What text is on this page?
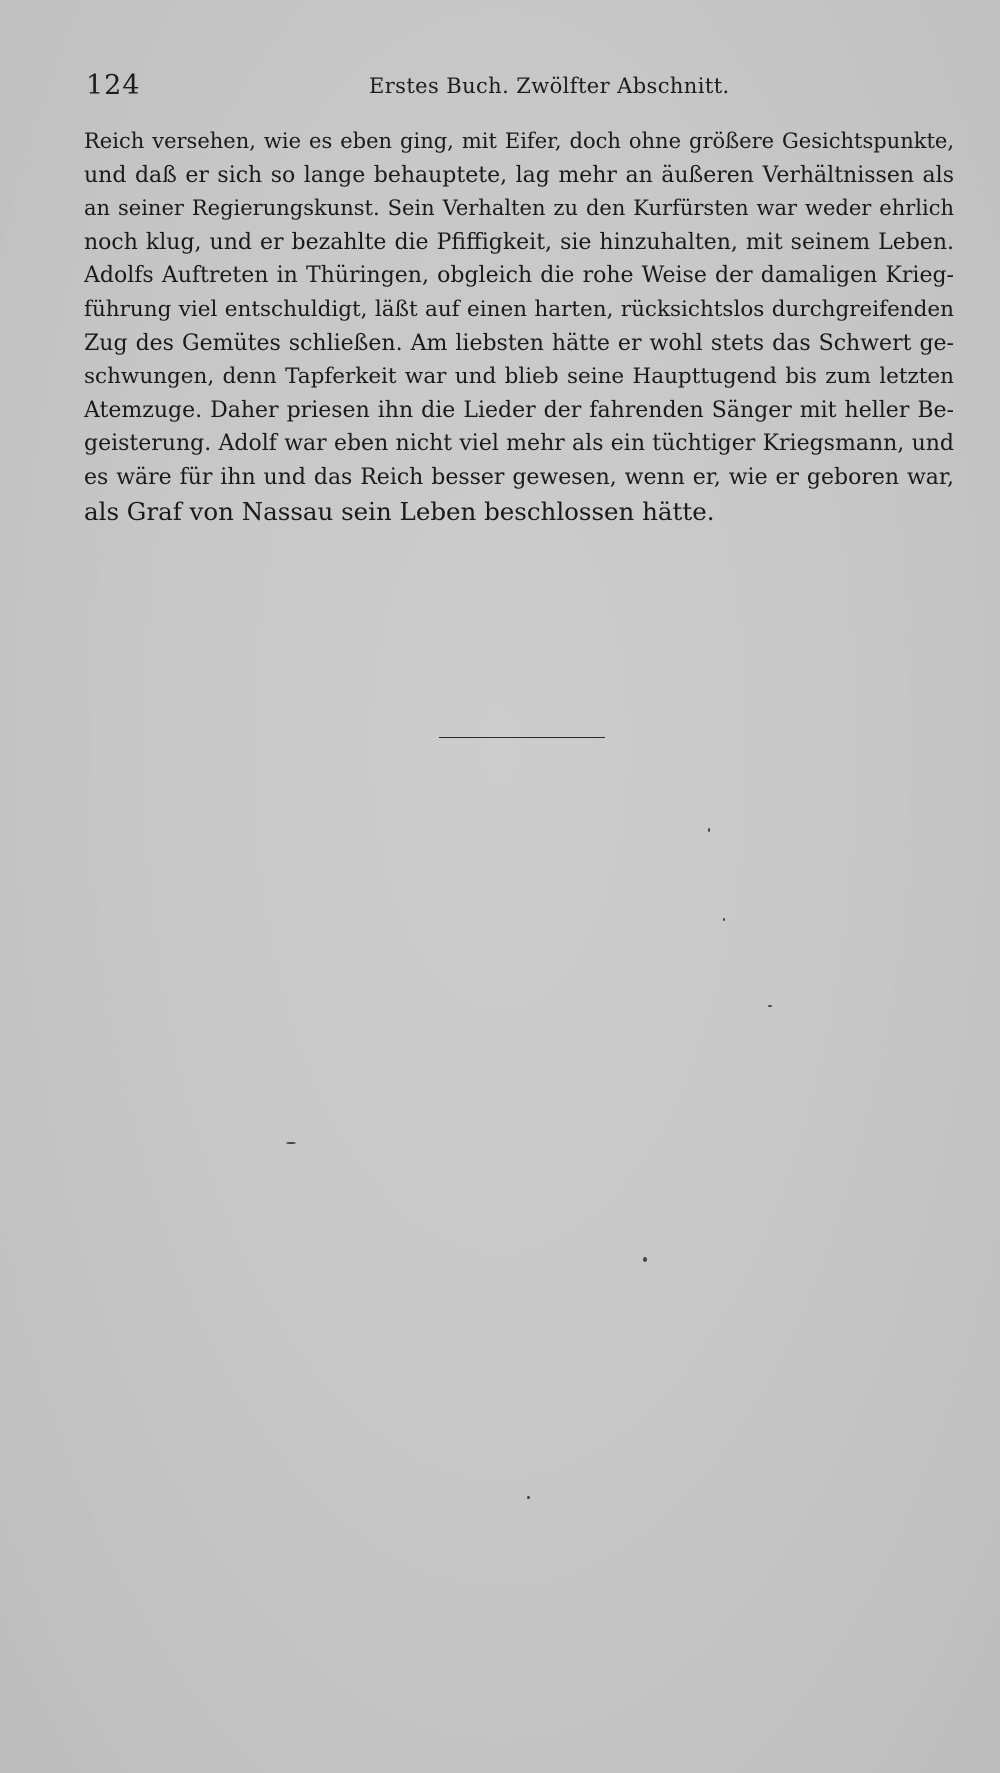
124	Erstes Buch. Zwölfter Abschnitt.
Reich versehen, wie es eben ging, mit Eifer, doch ohne größere Gesichtspunkte,
und daß er sich so lange behauptete, lag mehr an äußeren Verhältnissen als
an seiner Regierungskunst. Sein Verhalten zu den Kurfürsten war weder ehrlich
noch klug, und er bezahlte die Pfiffigkeit, sie hinzuhalten, mit seinem Leben.
Adolfs Auftreten in Thüringen, obgleich die rohe Weise der damaligen Krieg-
führung viel entschuldigt, läßt auf einen harten, rücksichtslos durchgreifenden
Zug des Gemütes schließen. Am liebsten hätte er wohl stets das Schwert ge-
schwungen, denn Tapferkeit war und blieb seine Haupttugend bis zum letzten
Atemzuge. Daher priesen ihn die Lieder der fahrenden Sänger mit heller Be-
geisterung. Adolf war eben nicht viel mehr als ein tüchtiger Kriegsmann, und
es wäre für ihn und das Reich besser gewesen, wenn er, wie er geboren war,
als Graf von Nassau sein Leben beschlossen hätte.
